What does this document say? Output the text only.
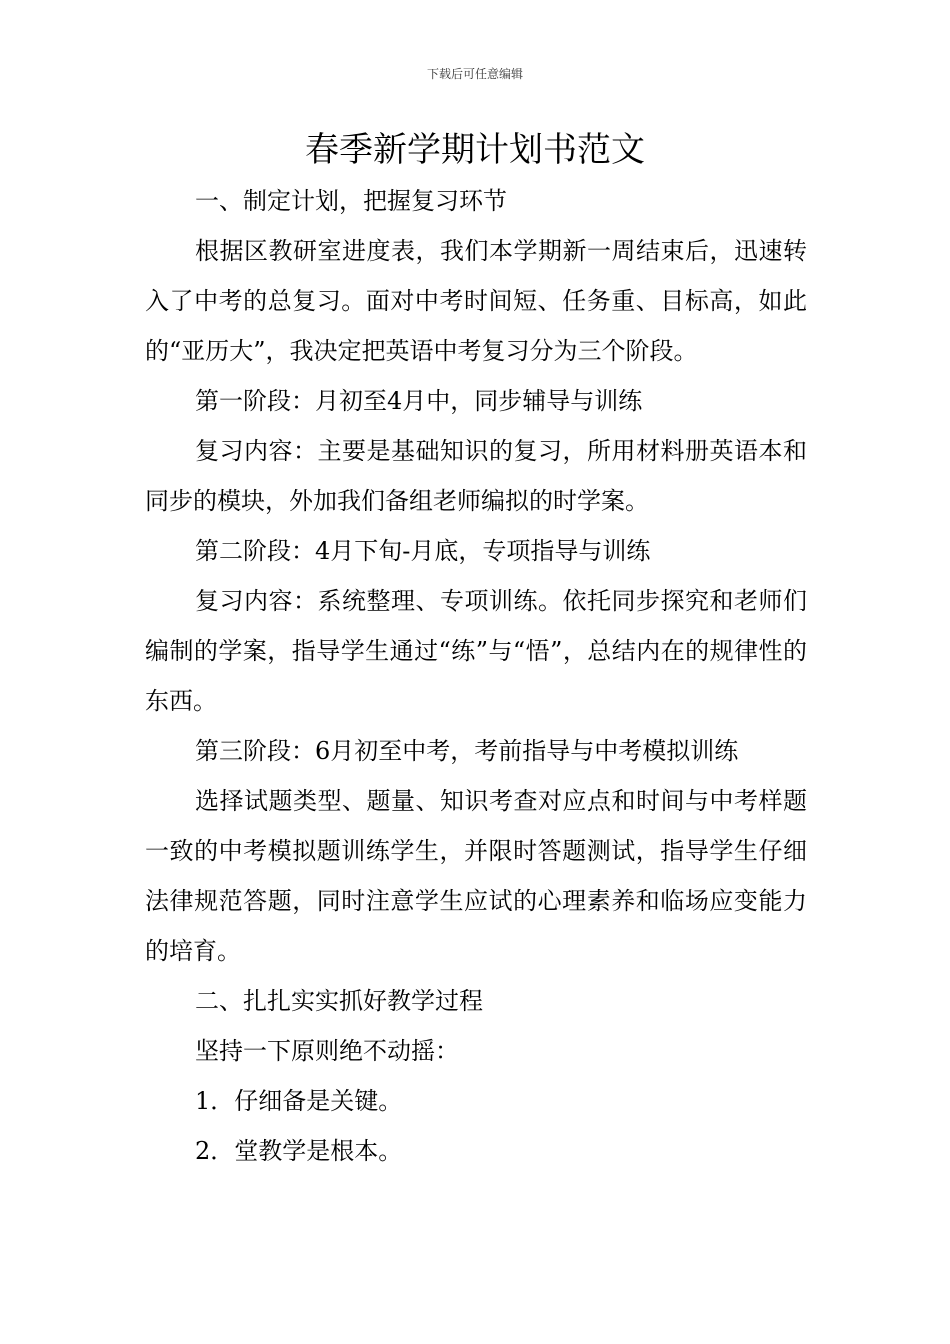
下载后可任意编辑
春季新学期计划书范文

一、制定计划，把握复习环节

根据区教研室进度表，我们本学期新一周结束后，迅速转入了中考的总复习。面对中考时间短、任务重、目标高，如此的“亚历大”，我决定把英语中考复习分为三个阶段。

第一阶段：月初至4月中，同步辅导与训练

复习内容：主要是基础知识的复习，所用材料册英语本和同步的模块，外加我们备组老师编拟的时学案。

第二阶段：4月下旬-月底，专项指导与训练

复习内容：系统整理、专项训练。依托同步探究和老师们编制的学案，指导学生通过“练”与“悟”，总结内在的规律性的东西。

第三阶段：6月初至中考，考前指导与中考模拟训练

选择试题类型、题量、知识考查对应点和时间与中考样题一致的中考模拟题训练学生，并限时答题测试，指导学生仔细法律规范答题，同时注意学生应试的心理素养和临场应变能力的培育。

二、扎扎实实抓好教学过程

坚持一下原则绝不动摇：

1．仔细备是关键。

2．堂教学是根本。
